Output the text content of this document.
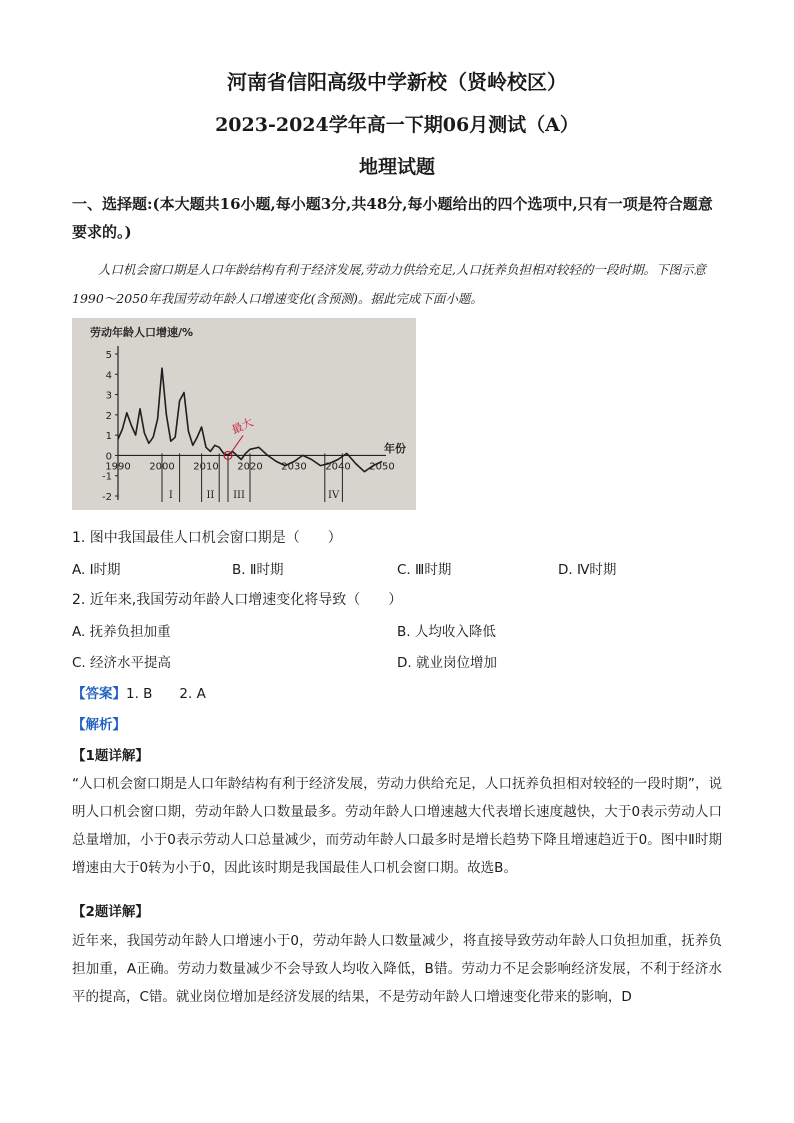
河南省信阳高级中学新校（贤岭校区）
2023-2024学年高一下期06月测试（A）
地理试题
一、选择题:(本大题共16小题,每小题3分,共48分,每小题给出的四个选项中,只有一项是符合题意要求的。)
人口机会窗口期是人口年龄结构有利于经济发展,劳动力供给充足,人口抚养负担相对较轻的一段时期。下图示意1990～2050年我国劳动年龄人口增速变化(含预测)。据此完成下面小题。
劳动年龄人口增速/%
年份
最大
I	II III	IV
5
4
3
2
1
0
-1
-2
1990 2000 2010 2020 2030 2040 2050
1. 图中我国最佳人口机会窗口期是（　　）
A. Ⅰ时期	B. Ⅱ时期	C. Ⅲ时期	D. Ⅳ时期
2. 近年来,我国劳动年龄人口增速变化将导致（　　）
A. 抚养负担加重	B. 人均收入降低
C. 经济水平提高	D. 就业岗位增加
【答案】1. B　　2. A
【解析】
【1题详解】
“人口机会窗口期是人口年龄结构有利于经济发展，劳动力供给充足，人口抚养负担相对较轻的一段时期”，说明人口机会窗口期，劳动年龄人口数量最多。劳动年龄人口增速越大代表增长速度越快，大于0表示劳动人口总量增加，小于0表示劳动人口总量减少，而劳动年龄人口最多时是增长趋势下降且增速趋近于0。图中Ⅱ时期增速由大于0转为小于0，因此该时期是我国最佳人口机会窗口期。故选B。
【2题详解】
近年来，我国劳动年龄人口增速小于0，劳动年龄人口数量减少，将直接导致劳动年龄人口负担加重，抚养负担加重，A正确。劳动力数量减少不会导致人均收入降低，B错。劳动力不足会影响经济发展，不利于经济水平的提高，C错。就业岗位增加是经济发展的结果，不是劳动年龄人口增速变化带来的影响，D
